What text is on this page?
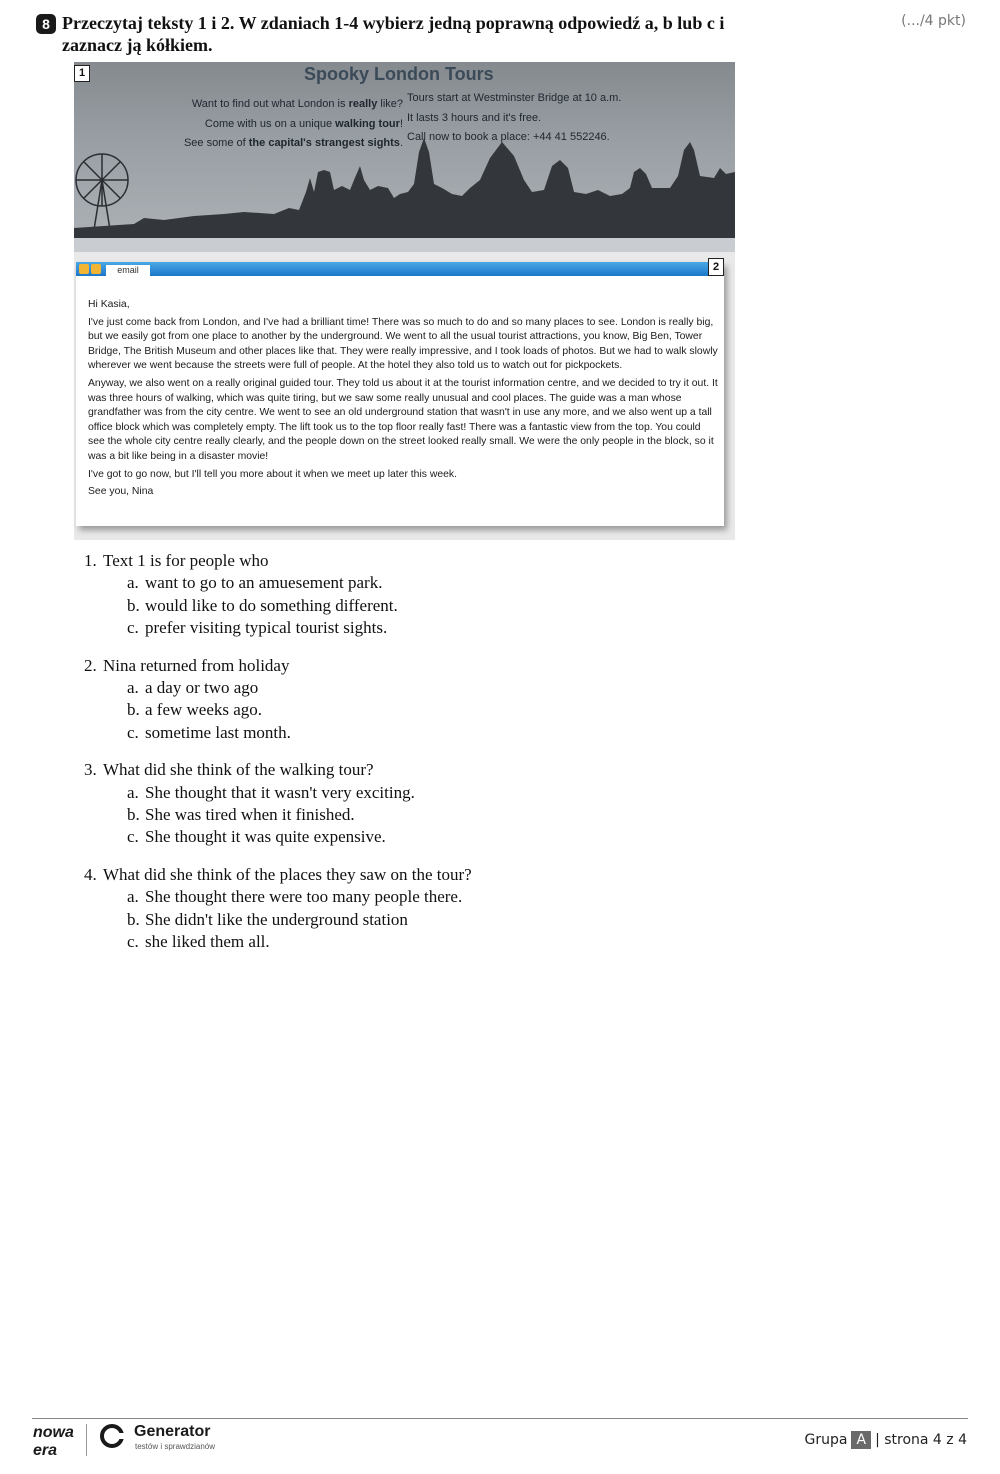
8 Przeczytaj teksty 1 i 2. W zdaniach 1-4 wybierz jedną poprawną odpowiedź a, b lub c i zaznacz ją kółkiem.
(.../4 pkt)
1	Spooky London Tours
Want to find out what London is really like?
Come with us on a unique walking tour!
See some of the capital's strangest sights.
Tours start at Westminster Bridge at 10 a.m.
It lasts 3 hours and it's free.
Call now to book a place: +44 41 552246.
email	2

Hi Kasia,

I've just come back from London, and I've had a brilliant time! There was so much to do and so many places to see. London is really big, but we easily got from one place to another by the underground. We went to all the usual tourist attractions, you know, Big Ben, Tower Bridge, The British Museum and other places like that. They were really impressive, and I took loads of photos. But we had to walk slowly wherever we went because the streets were full of people. At the hotel they also told us to watch out for pickpockets.

Anyway, we also went on a really original guided tour. They told us about it at the tourist information centre, and we decided to try it out. It was three hours of walking, which was quite tiring, but we saw some really unusual and cool places. The guide was a man whose grandfather was from the city centre. We went to see an old underground station that wasn't in use any more, and we also went up a tall office block which was completely empty. The lift took us to the top floor really fast! There was a fantastic view from the top. You could see the whole city centre really clearly, and the people down on the street looked really small. We were the only people in the block, so it was a bit like being in a disaster movie!

I've got to go now, but I'll tell you more about it when we meet up later this week.

See you, Nina

1. Text 1 is for people who
a. want to go to an amuesement park.
b. would like to do something different.
c. prefer visiting typical tourist sights.
2. Nina returned from holiday
a. a day or two ago
b. a few weeks ago.
c. sometime last month.
3. What did she think of the walking tour?
a. She thought that it wasn't very exciting.
b. She was tired when it finished.
c. She thought it was quite expensive.
4. What did she think of the places they saw on the tour?
a. She thought there were too many people there.
b. She didn't like the underground station
c. she liked them all.
nowa
era
Generator
testów i sprawdzianów	Grupa A | strona 4 z 4
